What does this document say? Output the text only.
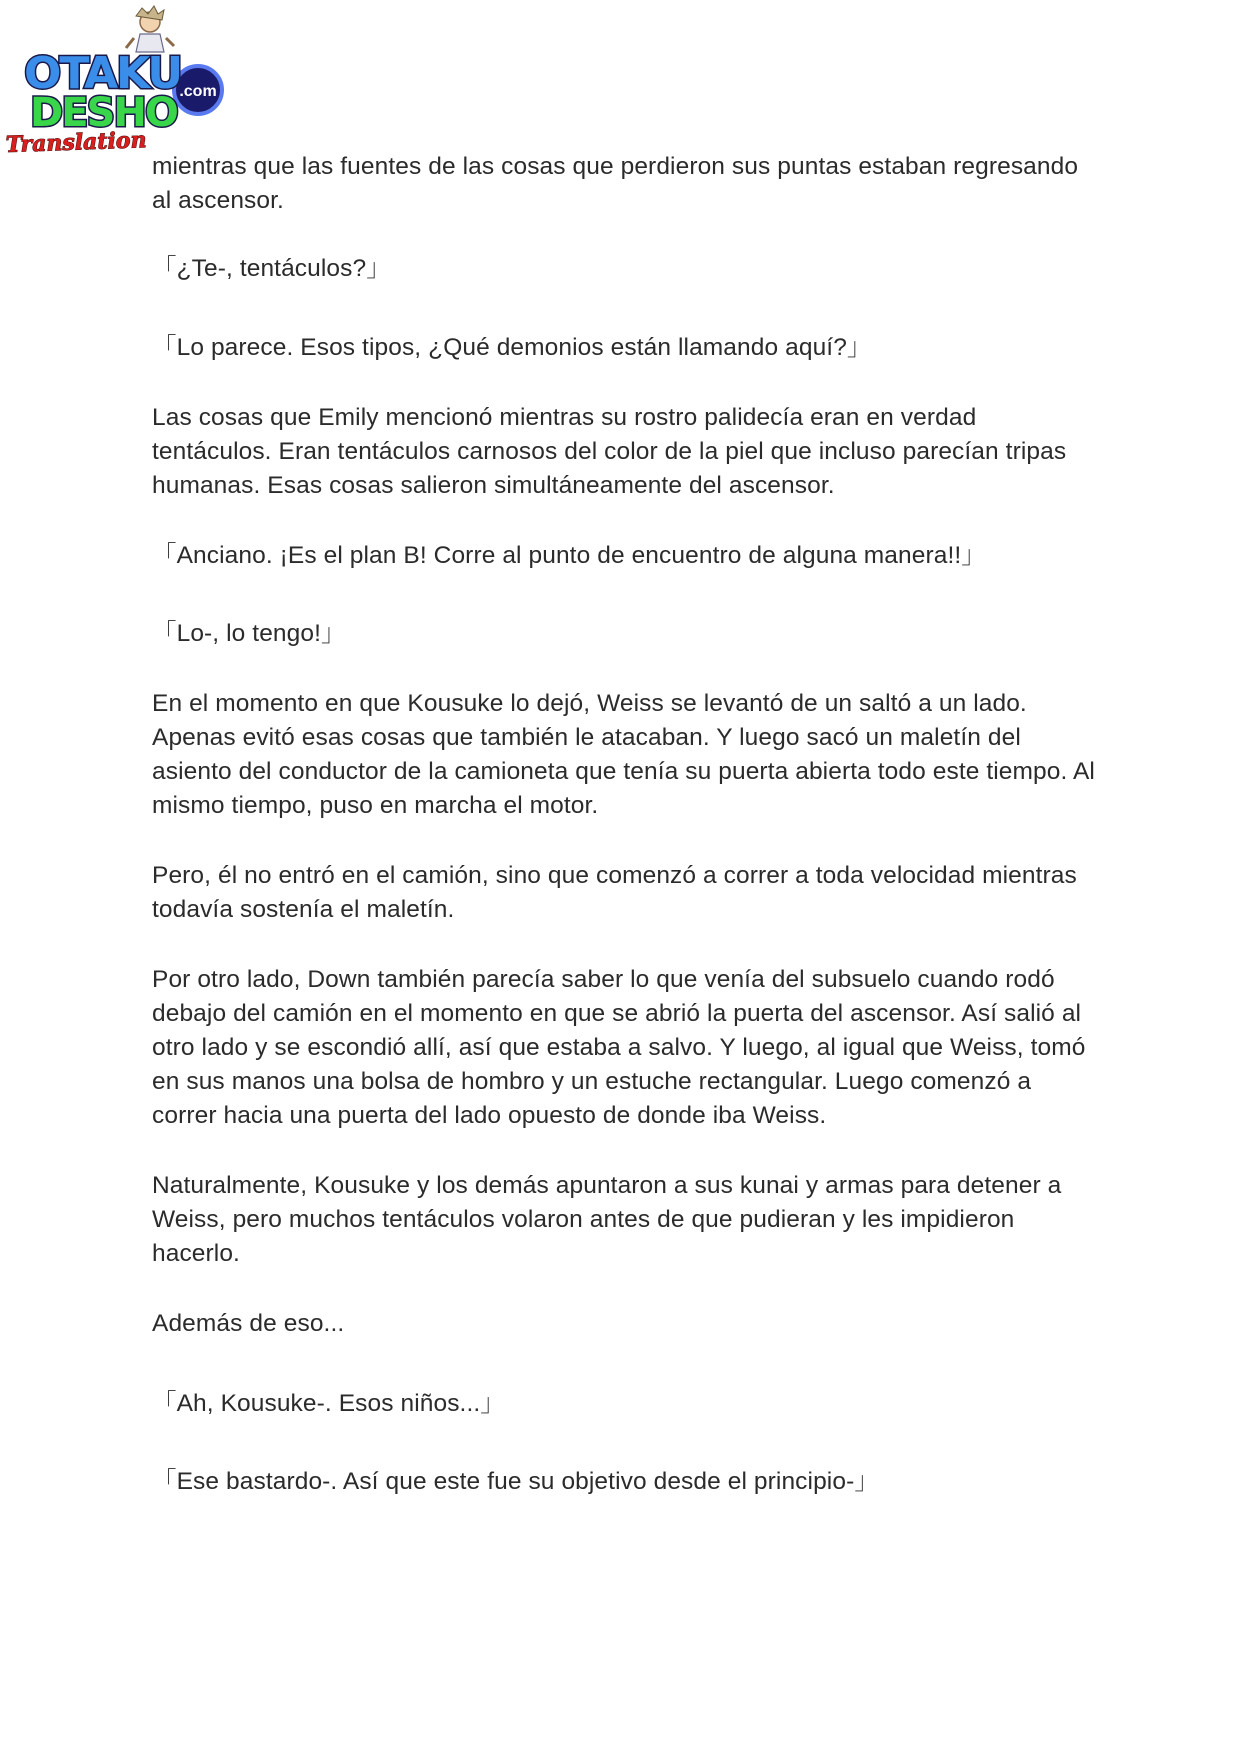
.com
OTAKU
DESHO
Translation

mientras que las fuentes de las cosas que perdieron sus puntas estaban regresando al ascensor.

「¿Te-, tentáculos?」

「Lo parece. Esos tipos, ¿Qué demonios están llamando aquí?」

Las cosas que Emily mencionó mientras su rostro palidecía eran en verdad tentáculos. Eran tentáculos carnosos del color de la piel que incluso parecían tripas humanas. Esas cosas salieron simultáneamente del ascensor.

「Anciano. ¡Es el plan B! Corre al punto de encuentro de alguna manera!!」

「Lo-, lo tengo!」

En el momento en que Kousuke lo dejó, Weiss se levantó de un saltó a un lado. Apenas evitó esas cosas que también le atacaban. Y luego sacó un maletín del asiento del conductor de la camioneta que tenía su puerta abierta todo este tiempo. Al mismo tiempo, puso en marcha el motor.

Pero, él no entró en el camión, sino que comenzó a correr a toda velocidad mientras todavía sostenía el maletín.

Por otro lado, Down también parecía saber lo que venía del subsuelo cuando rodó debajo del camión en el momento en que se abrió la puerta del ascensor. Así salió al otro lado y se escondió allí, así que estaba a salvo. Y luego, al igual que Weiss, tomó en sus manos una bolsa de hombro y un estuche rectangular. Luego comenzó a correr hacia una puerta del lado opuesto de donde iba Weiss.

Naturalmente, Kousuke y los demás apuntaron a sus kunai y armas para detener a Weiss, pero muchos tentáculos volaron antes de que pudieran y les impidieron hacerlo.

Además de eso...

「Ah, Kousuke-. Esos niños...」

「Ese bastardo-. Así que este fue su objetivo desde el principio-」
